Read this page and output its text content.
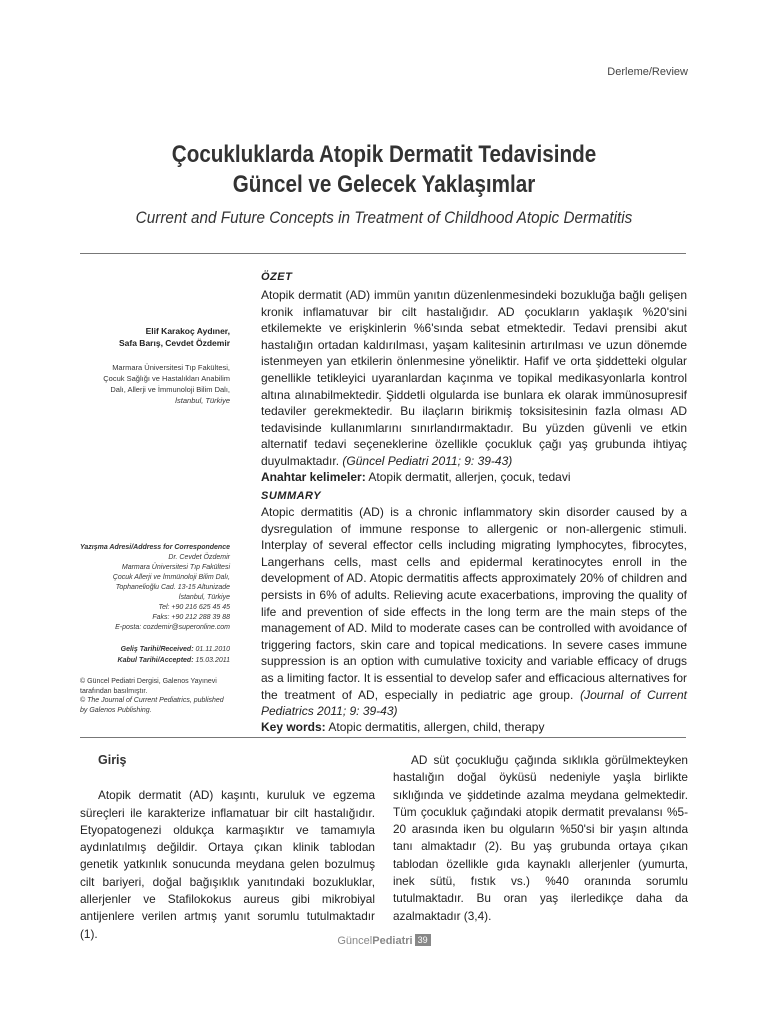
Derleme/Review
Çocukluklarda Atopik Dermatit Tedavisinde
Güncel ve Gelecek Yaklaşımlar
Current and Future Concepts in Treatment of Childhood Atopic Dermatitis
Elif Karakoç Aydıner,
Safa Barış, Cevdet Özdemir
Marmara Üniversitesi Tıp Fakültesi,
Çocuk Sağlığı ve Hastalıkları Anabilim
Dalı, Allerji ve İmmunoloji Bilim Dalı,
İstanbul, Türkiye
Yazışma Adresi/Address for Correspondence
Dr. Cevdet Özdemir
Marmara Üniversitesi Tıp Fakültesi
Çocuk Allerji ve İmmünoloji Bilim Dalı,
Tophanelioğlu Cad. 13-15 Altunizade
İstanbul, Türkiye
Tel: +90 216 625 45 45
Faks: +90 212 288 39 88
E-posta: cozdemir@superonline.com
Geliş Tarihi/Received: 01.11.2010
Kabul Tarihi/Accepted: 15.03.2011
© Güncel Pediatri Dergisi, Galenos Yayınevi
tarafından basılmıştır.
© The Journal of Current Pediatrics, published
by Galenos Publishing.
ÖZET
Atopik dermatit (AD) immün yanıtın düzenlenmesindeki bozukluğa bağlı gelişen kronik inflamatuvar bir cilt hastalığıdır. AD çocukların yaklaşık %20'sini etkilemekte ve erişkinlerin %6'sında sebat etmektedir. Tedavi prensibi akut hastalığın ortadan kaldırılması, yaşam kalitesinin artırılması ve uzun dönemde istenmeyen yan etkilerin önlenmesine yöneliktir. Hafif ve orta şiddetteki olgular genellikle tetikleyici uyaranlardan kaçınma ve topikal medikasyonlarla kontrol altına alınabilmektedir. Şiddetli olgularda ise bunlara ek olarak immünosupresif tedaviler gerekmektedir. Bu ilaçların birikmiş toksisitesinin fazla olması AD tedavisinde kullanımlarını sınırlandırmaktadır. Bu yüzden güvenli ve etkin alternatif tedavi seçeneklerine özellikle çocukluk çağı yaş grubunda ihtiyaç duyulmaktadır. (Güncel Pediatri 2011; 9: 39-43)
Anahtar kelimeler: Atopik dermatit, allerjen, çocuk, tedavi
SUMMARY
Atopic dermatitis (AD) is a chronic inflammatory skin disorder caused by a dysregulation of immune response to allergenic or non-allergenic stimuli. Interplay of several effector cells including migrating lymphocytes, fibrocytes, Langerhans cells, mast cells and epidermal keratinocytes enroll in the development of AD. Atopic dermatitis affects approximately 20% of children and persists in 6% of adults. Relieving acute exacerbations, improving the quality of life and prevention of side effects in the long term are the main steps of the management of AD. Mild to moderate cases can be controlled with avoidance of triggering factors, skin care and topical medications. In severe cases immune suppression is an option with cumulative toxicity and variable efficacy of drugs as a limiting factor. It is essential to develop safer and efficacious alternatives for the treatment of AD, especially in pediatric age group. (Journal of Current Pediatrics 2011; 9: 39-43)
Key words: Atopic dermatitis, allergen, child, therapy
Giriş

Atopik dermatit (AD) kaşıntı, kuruluk ve egzema süreçleri ile karakterize inflamatuar bir cilt hastalığıdır. Etyopatogenezi oldukça karmaşıktır ve tamamıyla aydınlatılmış değildir. Ortaya çıkan klinik tablodan genetik yatkınlık sonucunda meydana gelen bozulmuş cilt bariyeri, doğal bağışıklık yanıtındaki bozukluklar, allerjenler ve Stafilokokus aureus gibi mikrobiyal antijenlere verilen artmış yanıt sorumlu tutulmaktadır (1).

AD süt çocukluğu çağında sıklıkla görülmekteyken hastalığın doğal öyküsü nedeniyle yaşla birlikte sıklığında ve şiddetinde azalma meydana gelmektedir. Tüm çocukluk çağındaki atopik dermatit prevalansı %5-20 arasında iken bu olguların %50'si bir yaşın altında tanı almaktadır (2). Bu yaş grubunda ortaya çıkan tablodan özellikle gıda kaynaklı allerjenler (yumurta, inek sütü, fıstık vs.) %40 oranında sorumlu tutulmaktadır. Bu oran yaş ilerledikçe daha da azalmaktadır (3,4).

GüncelPediatri 39
